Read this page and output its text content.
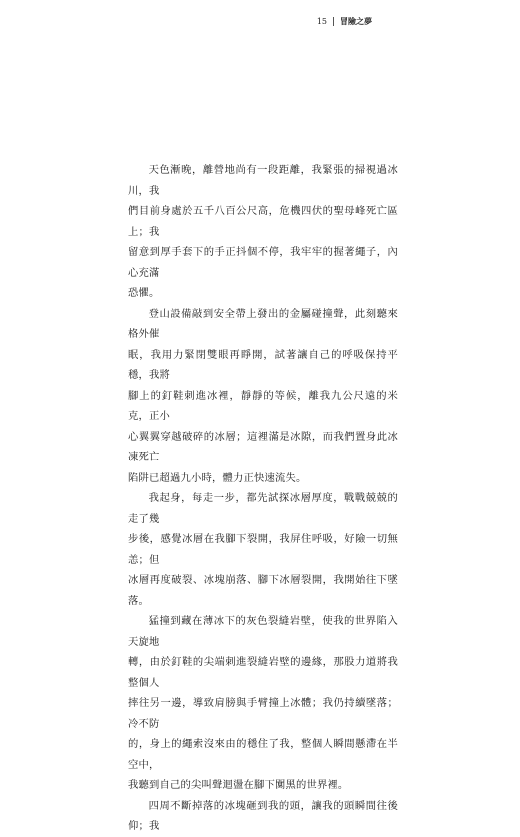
15 冒險之夢

天色漸晚，離營地尚有一段距離，我緊張的掃視過冰川，我
們目前身處於五千八百公尺高，危機四伏的聖母峰死亡區上；我
留意到厚手套下的手正抖個不停，我牢牢的握著繩子，內心充滿
恐懼。

登山設備敲到安全帶上發出的金屬碰撞聲，此刻聽來格外催
眠，我用力緊閉雙眼再睜開，試著讓自己的呼吸保持平穩，我將
腳上的釘鞋刺進冰裡，靜靜的等候，離我九公尺遠的米克，正小
心翼翼穿越破碎的冰層；這裡滿是冰隙，而我們置身此冰凍死亡
陷阱已超過九小時，體力正快速流失。

我起身，每走一步，都先試探冰層厚度，戰戰兢兢的走了幾
步後，感覺冰層在我腳下裂開，我屏住呼吸，好險一切無恙；但
冰層再度破裂、冰塊崩落、腳下冰層裂開，我開始往下墜落。

猛撞到藏在薄冰下的灰色裂縫岩壁，使我的世界陷入天旋地
轉，由於釘鞋的尖端刺進裂縫岩壁的邊緣，那股力道將我整個人
摔往另一邊，導致肩膀與手臂撞上冰體；我仍持續墜落；冷不防
的，身上的繩索沒來由的穩住了我，整個人瞬間懸滯在半空中，
我聽到自己的尖叫聲迴盪在腳下闃黑的世界裡。

四周不斷掉落的冰塊砸到我的頭，讓我的頭瞬間往後仰；我
